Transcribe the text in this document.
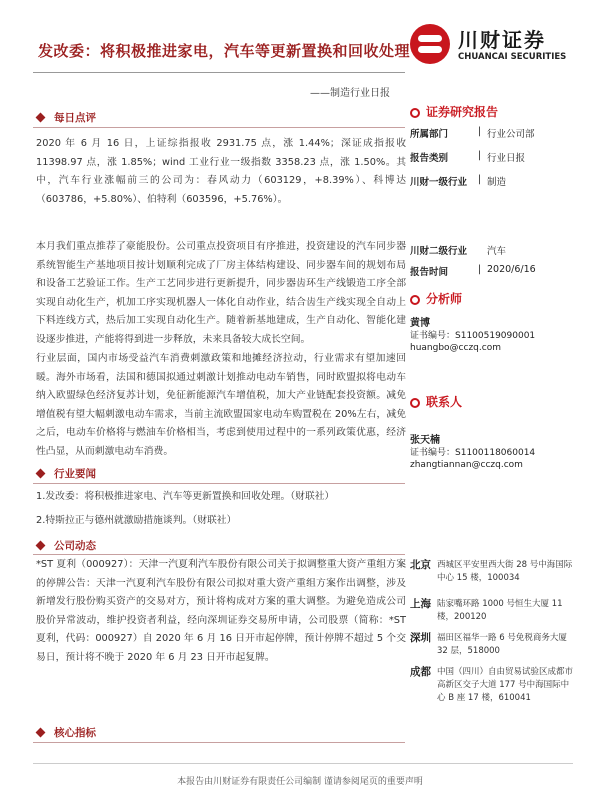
发改委：将积极推进家电，汽车等更新置换和回收处理 川财证券
CHUANCAI SECURITIES
——制造行业日报
每日点评

2020 年 6 月 16 日，上证综指报收 2931.75 点，涨 1.44%；深证成指报收 11398.97 点，涨 1.85%；wind 工业行业一级指数 3358.23 点，涨 1.50%。其中，汽车行业涨幅前三的公司为：春风动力（603129，+8.39%）、科博达（603786，+5.80%）、伯特利（603596，+5.76%）。

本月我们重点推荐了豪能股份。公司重点投资项目有序推进，投资建设的汽车同步器系统智能生产基地项目按计划顺利完成了厂房主体结构建设、同步器车间的规划布局和设备工艺验证工作。生产工艺同步进行更新提升，同步器齿环生产线锻造工序全部实现自动化生产，机加工序实现机器人一体化自动作业，结合齿生产线实现全自动上下料连线方式，热后加工实现自动化生产。随着新基地建成，生产自动化、智能化建设逐步推进，产能将得到进一步释放，未来具备较大成长空间。

行业层面，国内市场受益汽车消费刺激政策和地摊经济拉动，行业需求有望加速回暖。海外市场看，法国和德国拟通过刺激计划推动电动车销售，同时欧盟拟将电动车纳入欧盟绿色经济复苏计划，免征新能源汽车增值税，加大产业链配套投资额。减免增值税有望大幅刺激电动车需求，当前主流欧盟国家电动车购置税在 20%左右，减免之后，电动车价格将与燃油车价格相当，考虑到使用过程中的一系列政策优惠，经济性凸显，从而刺激电动车消费。

行业要闻
1.发改委：将积极推进家电、汽车等更新置换和回收处理。（财联社）
2.特斯拉正与德州就激励措施谈判。（财联社）
公司动态

*ST 夏利（000927）：天津一汽夏利汽车股份有限公司关于拟调整重大资产重组方案的停牌公告：天津一汽夏利汽车股份有限公司拟对重大资产重组方案作出调整，涉及新增发行股份购买资产的交易对方，预计将构成对方案的重大调整。为避免造成公司股价异常波动，维护投资者利益，经向深圳证券交易所申请，公司股票（简称：*ST 夏利，代码：000927）自 2020 年 6 月 16 日开市起停牌，预计停牌不超过 5 个交易日，预计将不晚于 2020 年 6 月 23 日开市起复牌。

核心指标
证券研究报告
所属部门	| 行业公司部
报告类别	| 行业日报
川财一级行业 | 制造
川财二级行业 汽车
报告时间	| 2020/6/16
分析师
黄博
证书编号：S1100519090001
huangbo@cczq.com
联系人
张天楠
证书编号：S1100118060014
zhangtiannan@cczq.com
北京 西城区平安里西大街 28 号中海国际中心 15 楼，100034
上海 陆家嘴环路 1000 号恒生大厦 11 楼，200120
深圳 福田区福华一路 6 号免税商务大厦 32 层，518000
成都 中国（四川）自由贸易试验区成都市高新区交子大道 177 号中海国际中心 B 座 17 楼，610041
本报告由川财证券有限责任公司编制 谨请参阅尾页的重要声明
